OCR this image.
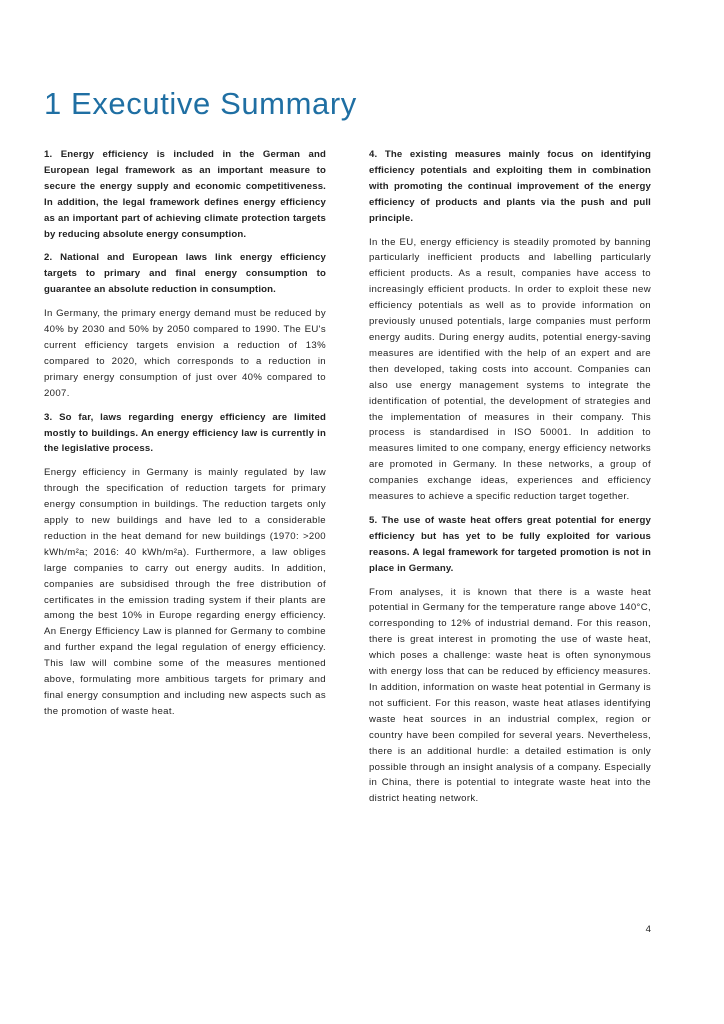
1 Executive Summary

1. Energy efficiency is included in the German and European legal framework as an important measure to secure the energy supply and economic competitiveness. In addition, the legal framework defines energy efficiency as an important part of achieving climate protection targets by reducing absolute energy consumption.

2. National and European laws link energy efficiency targets to primary and final energy consumption to guarantee an absolute reduction in consumption.

In Germany, the primary energy demand must be reduced by 40% by 2030 and 50% by 2050 compared to 1990. The EU's current efficiency targets envision a reduction of 13% compared to 2020, which corresponds to a reduction in primary energy consumption of just over 40% compared to 2007.

3. So far, laws regarding energy efficiency are limited mostly to buildings. An energy efficiency law is currently in the legislative process.

Energy efficiency in Germany is mainly regulated by law through the specification of reduction targets for primary energy consumption in buildings. The reduction targets only apply to new buildings and have led to a considerable reduction in the heat demand for new buildings (1970: >200 kWh/m²a; 2016: 40 kWh/m²a). Furthermore, a law obliges large companies to carry out energy audits. In addition, companies are subsidised through the free distribution of certificates in the emission trading system if their plants are among the best 10% in Europe regarding energy efficiency. An Energy Efficiency Law is planned for Germany to combine and further expand the legal regulation of energy efficiency. This law will combine some of the measures mentioned above, formulating more ambitious targets for primary and final energy consumption and including new aspects such as the promotion of waste heat.

4. The existing measures mainly focus on identifying efficiency potentials and exploiting them in combination with promoting the continual improvement of the energy efficiency of products and plants via the push and pull principle.

In the EU, energy efficiency is steadily promoted by banning particularly inefficient products and labelling particularly efficient products. As a result, companies have access to increasingly efficient products. In order to exploit these new efficiency potentials as well as to provide information on previously unused potentials, large companies must perform energy audits. During energy audits, potential energy-saving measures are identified with the help of an expert and are then developed, taking costs into account. Companies can also use energy management systems to integrate the identification of potential, the development of strategies and the implementation of measures in their company. This process is standardised in ISO 50001. In addition to measures limited to one company, energy efficiency networks are promoted in Germany. In these networks, a group of companies exchange ideas, experiences and efficiency measures to achieve a specific reduction target together.

5. The use of waste heat offers great potential for energy efficiency but has yet to be fully exploited for various reasons. A legal framework for targeted promotion is not in place in Germany.

From analyses, it is known that there is a waste heat potential in Germany for the temperature range above 140°C, corresponding to 12% of industrial demand. For this reason, there is great interest in promoting the use of waste heat, which poses a challenge: waste heat is often synonymous with energy loss that can be reduced by efficiency measures. In addition, information on waste heat potential in Germany is not sufficient. For this reason, waste heat atlases identifying waste heat sources in an industrial complex, region or country have been compiled for several years. Nevertheless, there is an additional hurdle: a detailed estimation is only possible through an insight analysis of a company. Especially in China, there is potential to integrate waste heat into the district heating network.

4
